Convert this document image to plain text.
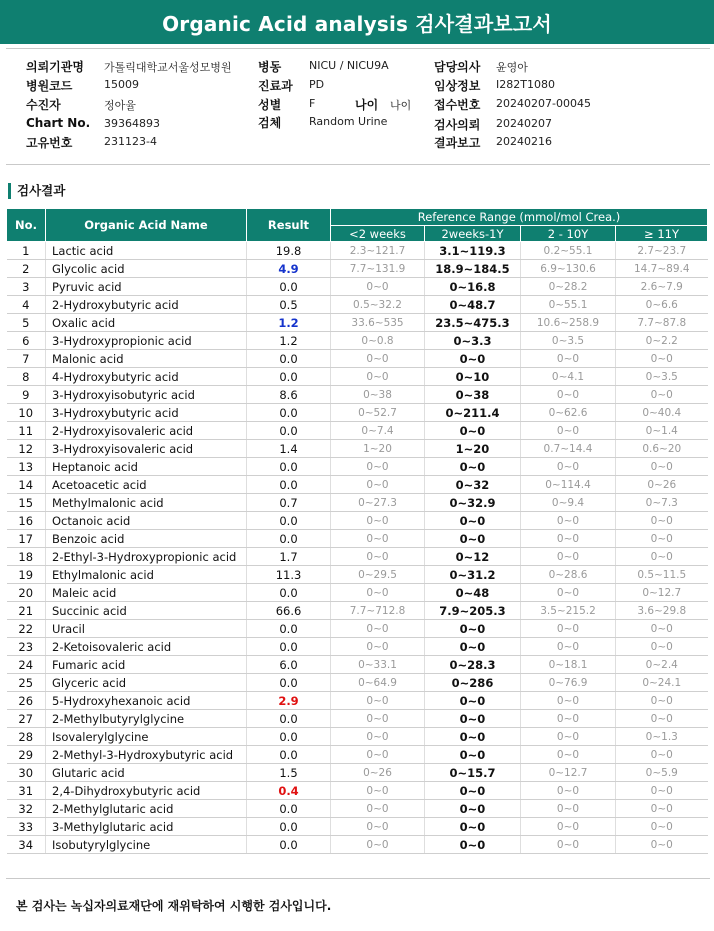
Organic Acid analysis 검사결과보고서
의뢰기관명 가톨릭대학교서울성모병원
병원코드	15009
수진자	정아율
Chart No. 39364893
고유번호	231123-4
병동	NICU / NICU9A
진료과 PD
성별	F	나이 나이
검체	Random Urine
담당의사 윤영아
임상정보 I282T1080
접수번호 20240207-00045
검사의뢰 20240207
결과보고 20240216
검사결과
No.	Organic Acid Name	Result	Reference Range (mmol/mol Crea.)			
			<2 weeks	2weeks-1Y	2 - 10Y	≥ 11Y
1	Lactic acid	19.8	2.3~121.7	3.1~119.3	0.2~55.1	2.7~23.7
2	Glycolic acid	4.9	7.7~131.9	18.9~184.5	6.9~130.6	14.7~89.4
3	Pyruvic acid	0.0	0~0	0~16.8	0~28.2	2.6~7.9
4	2-Hydroxybutyric acid	0.5	0.5~32.2	0~48.7	0~55.1	0~6.6
5	Oxalic acid	1.2	33.6~535	23.5~475.3	10.6~258.9	7.7~87.8
6	3-Hydroxypropionic acid	1.2	0~0.8	0~3.3	0~3.5	0~2.2
7	Malonic acid	0.0	0~0	0~0	0~0	0~0
8	4-Hydroxybutyric acid	0.0	0~0	0~10	0~4.1	0~3.5
9	3-Hydroxyisobutyric acid	8.6	0~38	0~38	0~0	0~0
10	3-Hydroxybutyric acid	0.0	0~52.7	0~211.4	0~62.6	0~40.4
11	2-Hydroxyisovaleric acid	0.0	0~7.4	0~0	0~0	0~1.4
12	3-Hydroxyisovaleric acid	1.4	1~20	1~20	0.7~14.4	0.6~20
13	Heptanoic acid	0.0	0~0	0~0	0~0	0~0
14	Acetoacetic acid	0.0	0~0	0~32	0~114.4	0~26
15	Methylmalonic acid	0.7	0~27.3	0~32.9	0~9.4	0~7.3
16	Octanoic acid	0.0	0~0	0~0	0~0	0~0
17	Benzoic acid	0.0	0~0	0~0	0~0	0~0
18	2-Ethyl-3-Hydroxypropionic acid	1.7	0~0	0~12	0~0	0~0
19	Ethylmalonic acid	11.3	0~29.5	0~31.2	0~28.6	0.5~11.5
20	Maleic acid	0.0	0~0	0~48	0~0	0~12.7
21	Succinic acid	66.6	7.7~712.8	7.9~205.3	3.5~215.2	3.6~29.8
22	Uracil	0.0	0~0	0~0	0~0	0~0
23	2-Ketoisovaleric acid	0.0	0~0	0~0	0~0	0~0
24	Fumaric acid	6.0	0~33.1	0~28.3	0~18.1	0~2.4
25	Glyceric acid	0.0	0~64.9	0~286	0~76.9	0~24.1
26	5-Hydroxyhexanoic acid	2.9	0~0	0~0	0~0	0~0
27	2-Methylbutyrylglycine	0.0	0~0	0~0	0~0	0~0
28	Isovalerylglycine	0.0	0~0	0~0	0~0	0~1.3
29	2-Methyl-3-Hydroxybutyric acid	0.0	0~0	0~0	0~0	0~0
30	Glutaric acid	1.5	0~26	0~15.7	0~12.7	0~5.9
31	2,4-Dihydroxybutyric acid	0.4	0~0	0~0	0~0	0~0
32	2-Methylglutaric acid	0.0	0~0	0~0	0~0	0~0
33	3-Methylglutaric acid	0.0	0~0	0~0	0~0	0~0
34	Isobutyrylglycine	0.0	0~0	0~0	0~0	0~0
본 검사는 녹십자의료재단에 재위탁하여 시행한 검사입니다.
